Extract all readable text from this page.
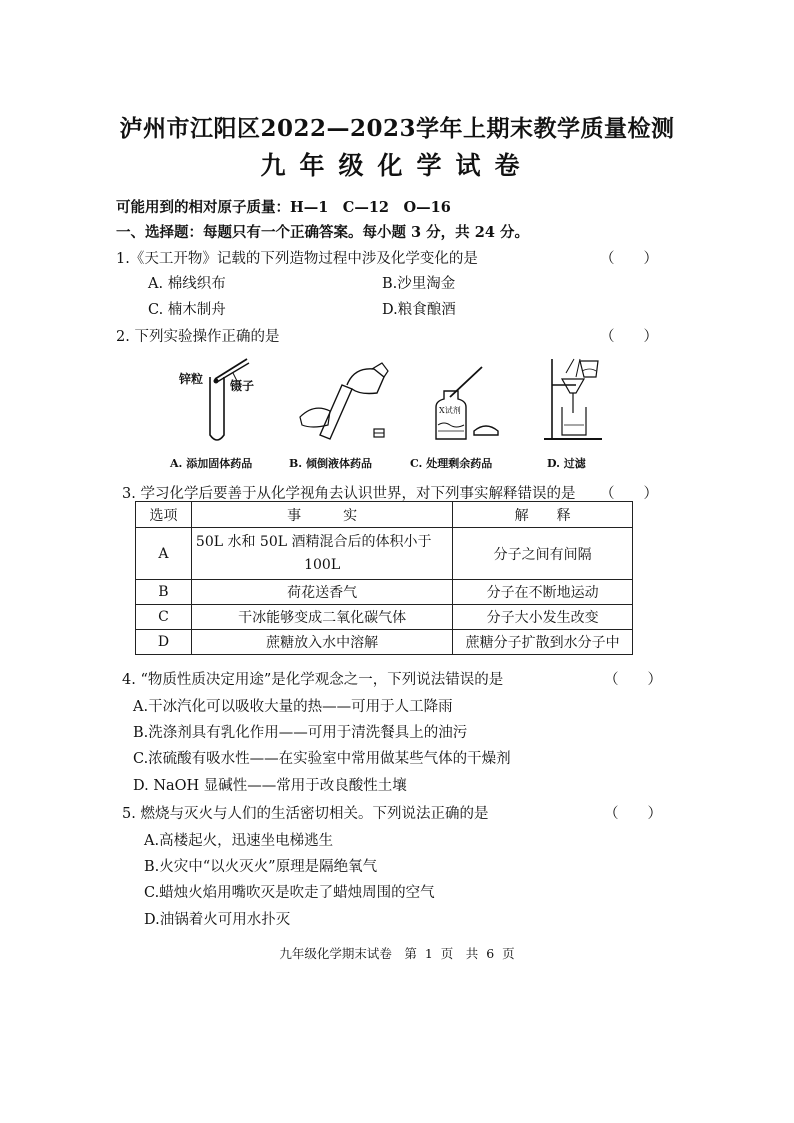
泸州市江阳区2022—2023学年上期末教学质量检测
九年级化学试卷
可能用到的相对原子质量：H—1　C—12　O—16
一、选择题：每题只有一个正确答案。每小题 3 分，共 24 分。
1.《天工开物》记载的下列造物过程中涉及化学变化的是	（　　）
A. 棉线织布	B.沙里淘金
C. 楠木制舟	D.粮食酿酒
2. 下列实验操作正确的是	（　　）
锌粒 镊子
X试剂
A. 添加固体药品	B. 倾倒液体药品	C. 处理剩余药品	D. 过滤
3. 学习化学后要善于从化学视角去认识世界，对下列事实解释错误的是 （　　）
选项	事　　　实	解　　释
A	50L 水和 50L 酒精混合后的体积小于
100L	分子之间有间隔
B	荷花送香气	分子在不断地运动
C	干冰能够变成二氧化碳气体	分子大小发生改变
D	蔗糖放入水中溶解	蔗糖分子扩散到水分子中
4. “物质性质决定用途”是化学观念之一，下列说法错误的是	（　　）
A.干冰汽化可以吸收大量的热——可用于人工降雨
B.洗涤剂具有乳化作用——可用于清洗餐具上的油污
C.浓硫酸有吸水性——在实验室中常用做某些气体的干燥剂
D. NaOH 显碱性——常用于改良酸性土壤
5. 燃烧与灭火与人们的生活密切相关。下列说法正确的是	（　　）
A.高楼起火，迅速坐电梯逃生
B.火灾中“以火灭火”原理是隔绝氧气
C.蜡烛火焰用嘴吹灭是吹走了蜡烛周围的空气
D.油锅着火可用水扑灭
九年级化学期末试卷　第 1 页　共 6 页
